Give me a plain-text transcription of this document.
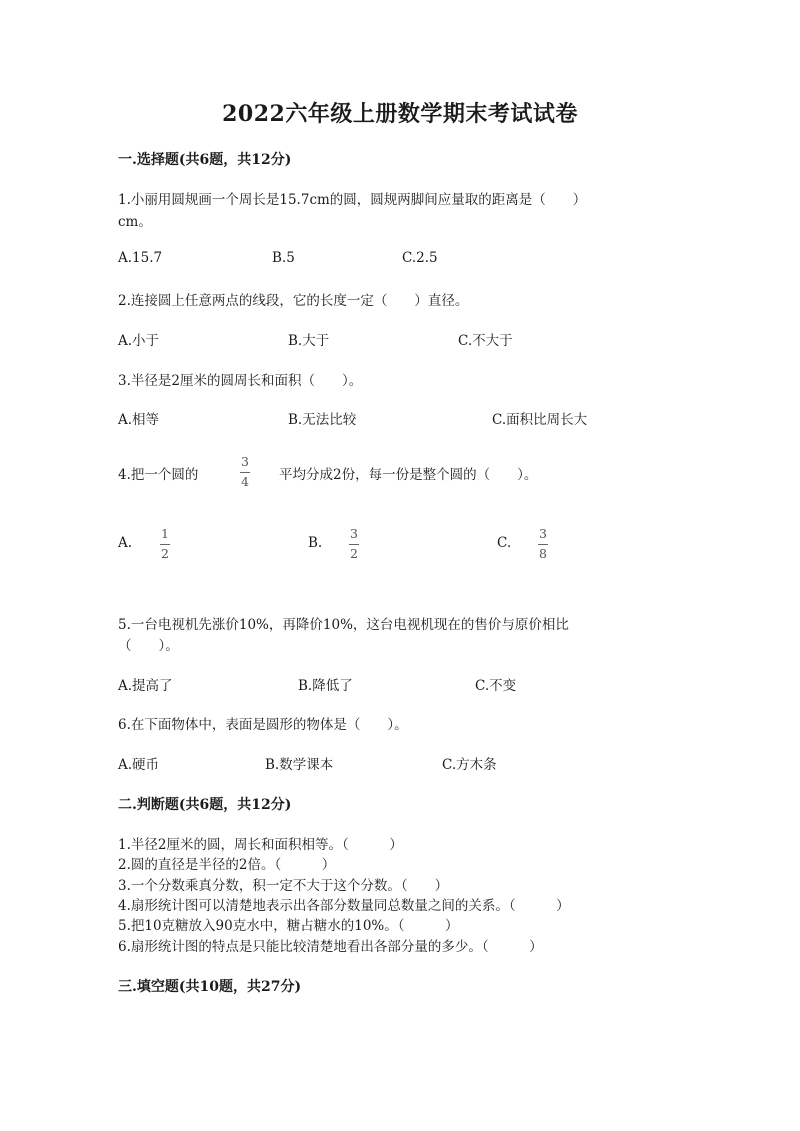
2022六年级上册数学期末考试试卷
一.选择题(共6题，共12分)
1.小丽用圆规画一个周长是15.7cm的圆，圆规两脚间应量取的距离是（　　）
cm。
A.15.7	B.5	C.2.5
2.连接圆上任意两点的线段，它的长度一定（　　）直径。
A.小于	B.大于	C.不大于
3.半径是2厘米的圆周长和面积（　　）。
A.相等	B.无法比较	C.面积比周长大
4.把一个圆的
3
4 平均分成2份，每一份是整个圆的（　　）。
A.
1
2
B.
3
2
C.
3
8
5.一台电视机先涨价10%，再降价10%，这台电视机现在的售价与原价相比
（　　）。
A.提高了	B.降低了	C.不变
6.在下面物体中，表面是圆形的物体是（　　）。
A.硬币	B.数学课本	C.方木条
二.判断题(共6题，共12分)
1.半径2厘米的圆，周长和面积相等。（　　　）
2.圆的直径是半径的2倍。（　　　）
3.一个分数乘真分数，积一定不大于这个分数。（　　）
4.扇形统计图可以清楚地表示出各部分数量同总数量之间的关系。（　　　）
5.把10克糖放入90克水中，糖占糖水的10%。（　　　）
6.扇形统计图的特点是只能比较清楚地看出各部分量的多少。（　　　）
三.填空题(共10题，共27分)
